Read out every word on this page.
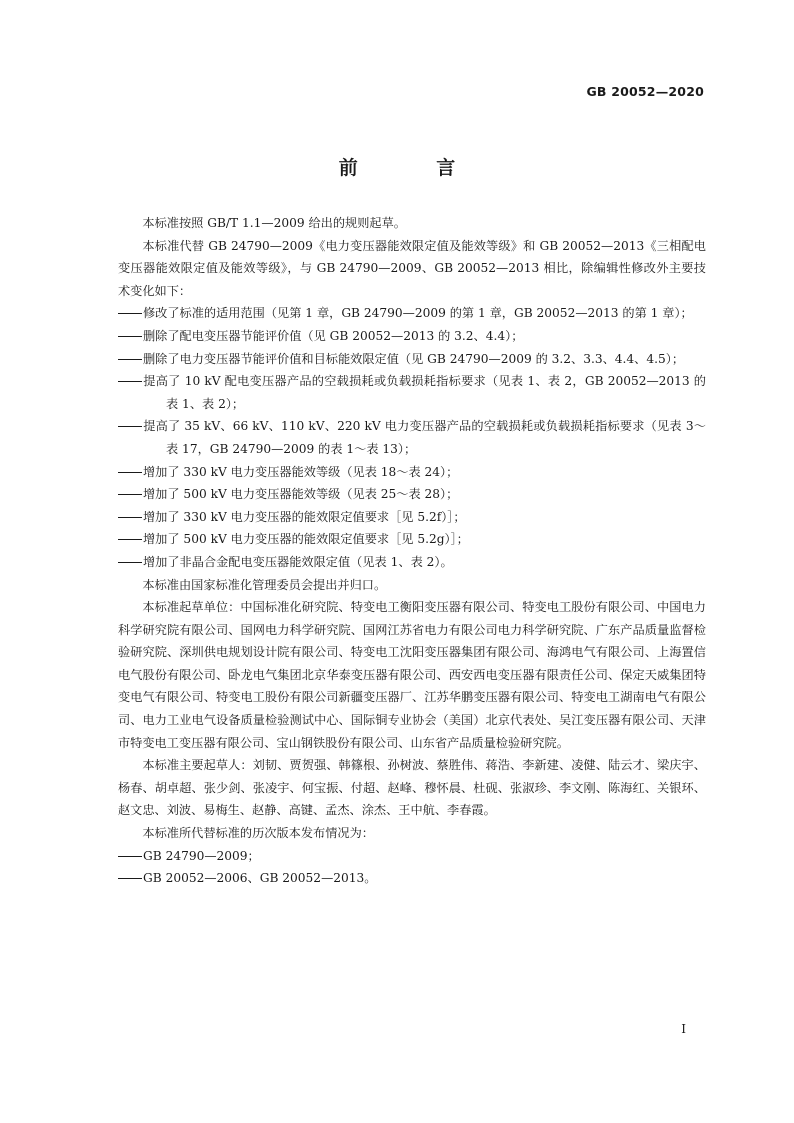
GB 20052—2020
前 言

本标准按照 GB/T 1.1—2009 给出的规则起草。

本标准代替 GB 24790—2009《电力变压器能效限定值及能效等级》和 GB 20052—2013《三相配电变压器能效限定值及能效等级》，与 GB 24790—2009、GB 20052—2013 相比，除编辑性修改外主要技术变化如下：

修改了标准的适用范围（见第 1 章，GB 24790—2009 的第 1 章，GB 20052—2013 的第 1 章）；

删除了配电变压器节能评价值（见 GB 20052—2013 的 3.2、4.4）；

删除了电力变压器节能评价值和目标能效限定值（见 GB 24790—2009 的 3.2、3.3、4.4、4.5）；

提高了 10 kV 配电变压器产品的空载损耗或负载损耗指标要求（见表 1、表 2，GB 20052—2013 的表 1、表 2）；

提高了 35 kV、66 kV、110 kV、220 kV 电力变压器产品的空载损耗或负载损耗指标要求（见表 3～表 17，GB 24790—2009 的表 1～表 13）；

增加了 330 kV 电力变压器能效等级（见表 18～表 24）；

增加了 500 kV 电力变压器能效等级（见表 25～表 28）；

增加了 330 kV 电力变压器的能效限定值要求［见 5.2f）］；

增加了 500 kV 电力变压器的能效限定值要求［见 5.2g）］；

增加了非晶合金配电变压器能效限定值（见表 1、表 2）。

本标准由国家标准化管理委员会提出并归口。

本标准起草单位：中国标准化研究院、特变电工衡阳变压器有限公司、特变电工股份有限公司、中国电力科学研究院有限公司、国网电力科学研究院、国网江苏省电力有限公司电力科学研究院、广东产品质量监督检验研究院、深圳供电规划设计院有限公司、特变电工沈阳变压器集团有限公司、海鸿电气有限公司、上海置信电气股份有限公司、卧龙电气集团北京华泰变压器有限公司、西安西电变压器有限责任公司、保定天威集团特变电气有限公司、特变电工股份有限公司新疆变压器厂、江苏华鹏变压器有限公司、特变电工湖南电气有限公司、电力工业电气设备质量检验测试中心、国际铜专业协会（美国）北京代表处、吴江变压器有限公司、天津市特变电工变压器有限公司、宝山钢铁股份有限公司、山东省产品质量检验研究院。

本标准主要起草人：刘韧、贾贺强、韩篠根、孙树波、蔡胜伟、蒋浩、李新建、凌健、陆云才、梁庆宇、杨春、胡卓超、张少剑、张凌宇、何宝振、付超、赵峰、穆怀晨、杜砚、张淑珍、李文刚、陈海红、关银环、赵文忠、刘波、易梅生、赵静、高键、孟杰、涂杰、王中航、李春霞。

本标准所代替标准的历次版本发布情况为：

GB 24790—2009；

GB 20052—2006、GB 20052—2013。

I
